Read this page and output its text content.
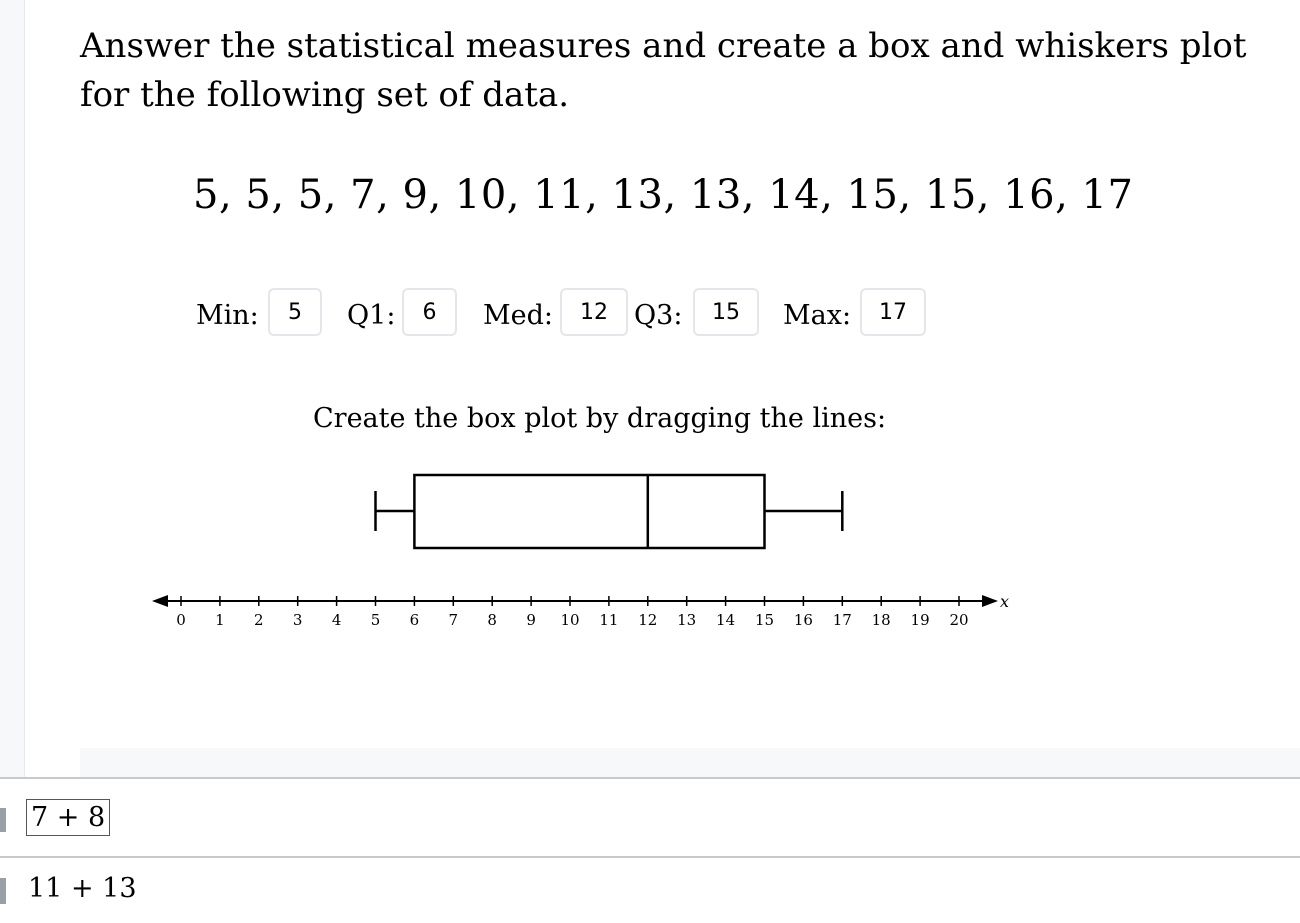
Answer the statistical measures and create a box and whiskers plot for the following set of data.
5, 5, 5, 7, 9, 10, 11, 13, 13, 14, 15, 15, 16, 17
Min:	5	Q1:	6	Med:	12 Q3:	15	Max:	17
Create the box plot by dragging the lines:
x
0 1 2 3 4 5 6 7 8 9 10 11 12 13 14 15 16 17 18 19 20
7 + 8
11 + 13
